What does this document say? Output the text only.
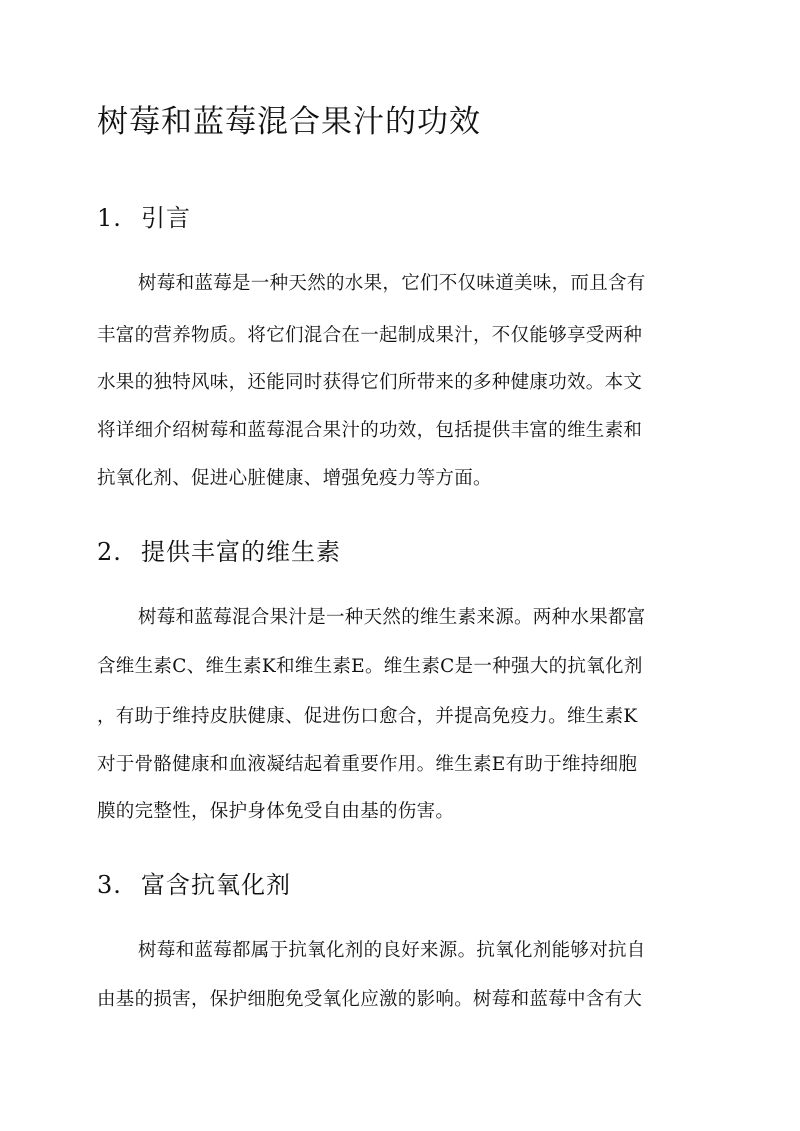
树莓和蓝莓混合果汁的功效
1. 引言

树莓和蓝莓是一种天然的水果，它们不仅味道美味，而且含有

丰富的营养物质。将它们混合在一起制成果汁，不仅能够享受两种

水果的独特风味，还能同时获得它们所带来的多种健康功效。本文

将详细介绍树莓和蓝莓混合果汁的功效，包括提供丰富的维生素和

抗氧化剂、促进心脏健康、增强免疫力等方面。

2. 提供丰富的维生素

树莓和蓝莓混合果汁是一种天然的维生素来源。两种水果都富

含维生素C、维生素K和维生素E。维生素C是一种强大的抗氧化剂

，有助于维持皮肤健康、促进伤口愈合，并提高免疫力。维生素K

对于骨骼健康和血液凝结起着重要作用。维生素E有助于维持细胞

膜的完整性，保护身体免受自由基的伤害。

3. 富含抗氧化剂

树莓和蓝莓都属于抗氧化剂的良好来源。抗氧化剂能够对抗自

由基的损害，保护细胞免受氧化应激的影响。树莓和蓝莓中含有大
